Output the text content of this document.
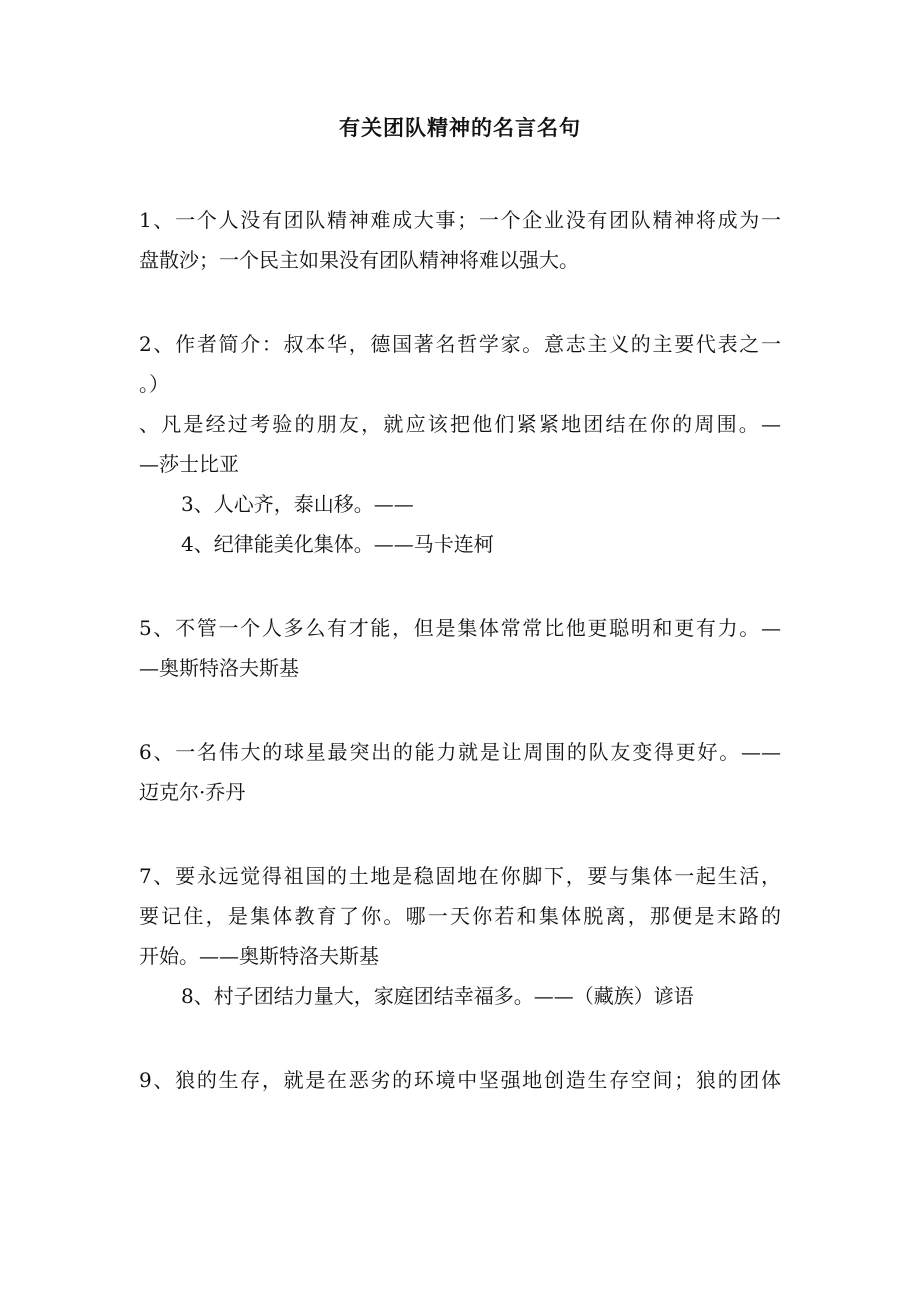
有关团队精神的名言名句
1、一个人没有团队精神难成大事；一个企业没有团队精神将成为一
盘散沙；一个民主如果没有团队精神将难以强大。
2、作者简介：叔本华，德国著名哲学家。意志主义的主要代表之一
。）
、凡是经过考验的朋友，就应该把他们紧紧地团结在你的周围。—
—莎士比亚
3、人心齐，泰山移。——
4、纪律能美化集体。——马卡连柯
5、不管一个人多么有才能，但是集体常常比他更聪明和更有力。—
—奥斯特洛夫斯基
6、一名伟大的球星最突出的能力就是让周围的队友变得更好。——
迈克尔·乔丹
7、要永远觉得祖国的土地是稳固地在你脚下，要与集体一起生活，
要记住，是集体教育了你。哪一天你若和集体脱离，那便是末路的
开始。——奥斯特洛夫斯基
8、村子团结力量大，家庭团结幸福多。——（藏族）谚语
9、狼的生存，就是在恶劣的环境中坚强地创造生存空间；狼的团体
